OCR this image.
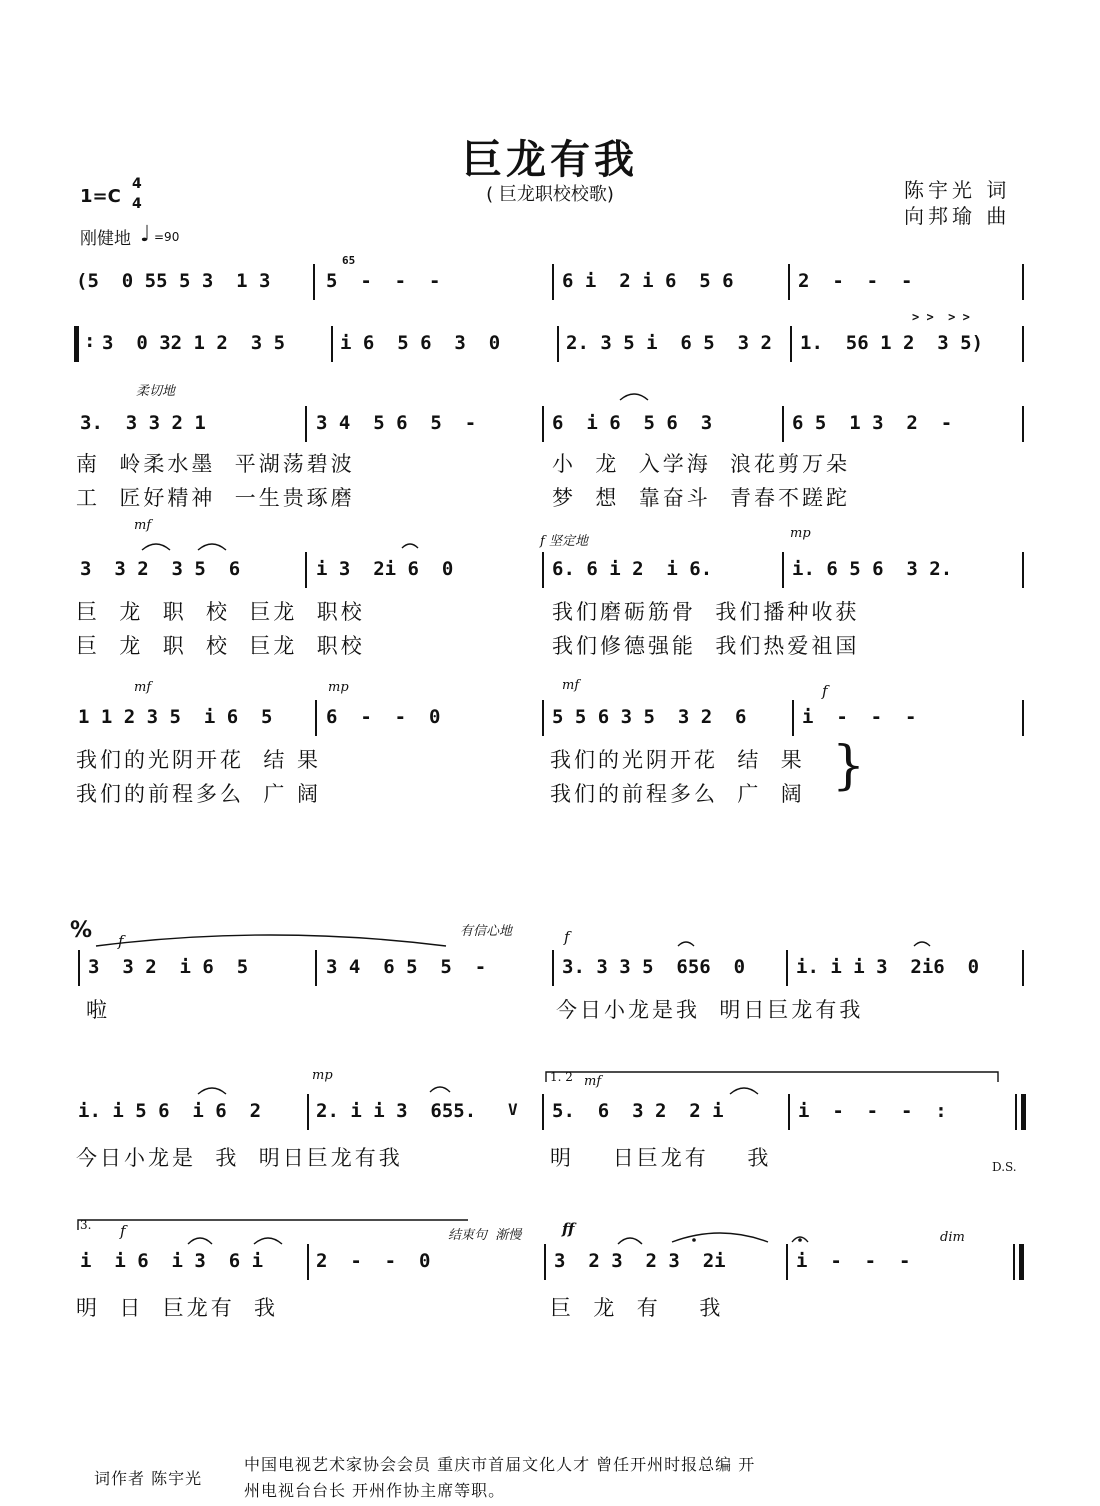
巨龙有我
( 巨龙职校校歌)
1=C
4
4
刚健地 ♩ =90
陈宇光 词
向邦瑜 曲
(5  0 55 5 3  1 3	5  -  -  -
65
6 i  2 i 6  5 6	2  -  -  -
: 3  0 32 1 2  3 5	i 6  5 6  3  0	2. 3 5 i  6 5  3 2 1.  56 1 2  3 5)
> >  > >
柔切地
3.  3 3 2 1	3 4  5 6  5  -	6  i 6  5 6  3	6 5  1 3  2  -
南  岭柔水墨  平湖荡碧波	小  龙  入学海  浪花剪万朵
工  匠好精神  一生贵琢磨	梦  想  靠奋斗  青春不蹉跎
mf
f 坚定地
mp
3  3 2  3 5  6	i 3  2i 6  0	6. 6 i 2  i 6.	i. 6 5 6  3 2.
巨  龙  职  校  巨龙  职校	我们磨砺筋骨  我们播种收获
巨  龙  职  校  巨龙  职校	我们修德强能  我们热爱祖国
mf	mp	mf	f
1 1 2 3 5  i 6  5	6  -  -  0	5 5 6 3 5  3 2  6	i  -  -  -
我们的光阴开花  结 果	我们的光阴开花  结  果
我们的前程多么  广 阔	我们的前程多么  广  阔 }
% f
有信心地	f
3  3 2  i 6  5	3 4  6 5  5  -	3. 3 3 5  656  0	i. i i 3  2i6  0
啦	今日小龙是我  明日巨龙有我
mp	1. 2 mf
i. i 5 6  i 6  2	2. i i 3  655. V 5.  6  3 2  2 i	i  -  -  -  :
今日小龙是  我  明日巨龙有我	明    日巨龙有    我	D.S.
3. f	结束句  渐慢	ff	dim
i  i 6  i 3  6 i	2  -  -  0	3  2 3  2 3  2i	i  -  -  -
明  日  巨龙有  我	巨  龙  有    我
词作者 陈宇光
中国电视艺术家协会会员 重庆市首届文化人才 曾任开州时报总编 开
州电视台台长 开州作协主席等职。
